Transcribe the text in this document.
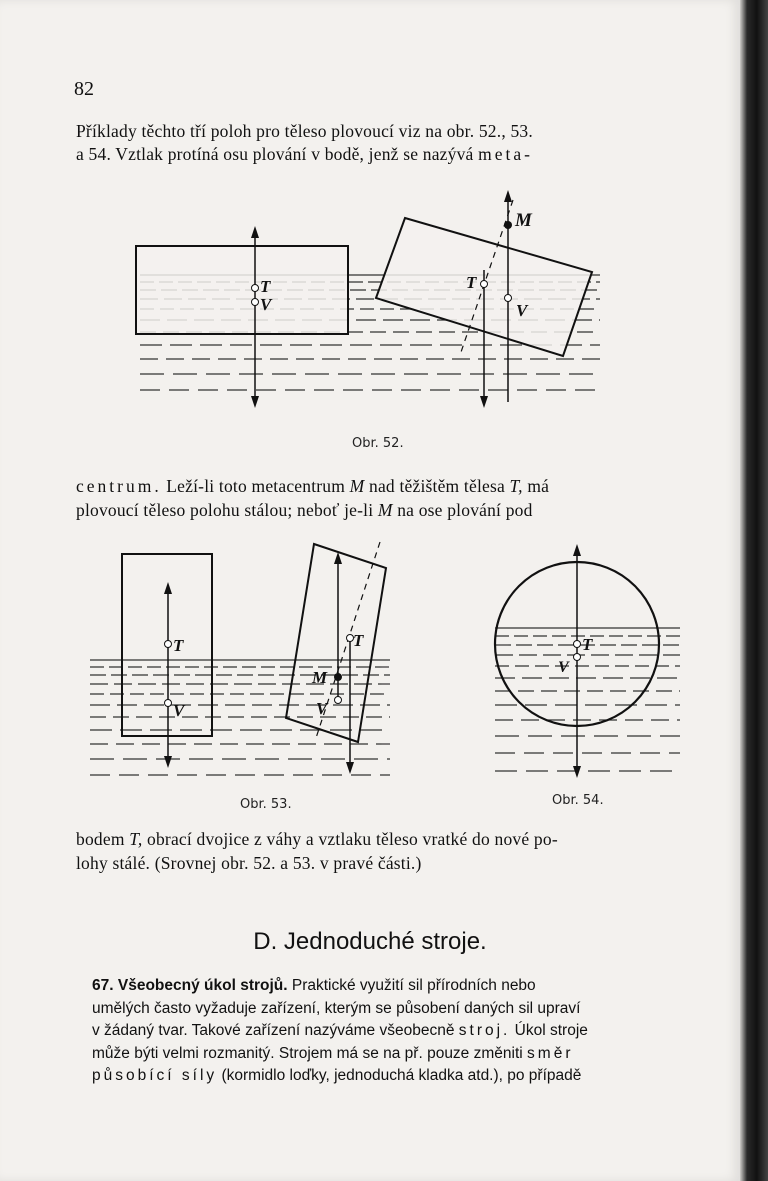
82
Příklady těchto tří poloh pro těleso plovoucí viz na obr. 52., 53.
a 54. Vztlak protíná osu plování v bodě, jenž se nazývá meta-
T
V
M
T
V
Obr. 52.
centrum. Leží-li toto metacentrum M nad těžištěm tělesa T, má
plovoucí těleso polohu stálou; neboť je-li M na ose plování pod
T
V
T
M
V
Obr. 53.
T
V
Obr. 54.
bodem T, obrací dvojice z váhy a vztlaku těleso vratké do nové po-
lohy stálé. (Srovnej obr. 52. a 53. v pravé části.)
D. Jednoduché stroje.
67. Všeobecný úkol strojů. Praktické využití sil přírodních nebo
umělých často vyžaduje zařízení, kterým se působení daných sil upraví
v žádaný tvar. Takové zařízení nazýváme všeobecně stroj. Úkol stroje
může býti velmi rozmanitý. Strojem má se na př. pouze změniti směr
působící síly (kormidlo loďky, jednoduchá kladka atd.), po případě
